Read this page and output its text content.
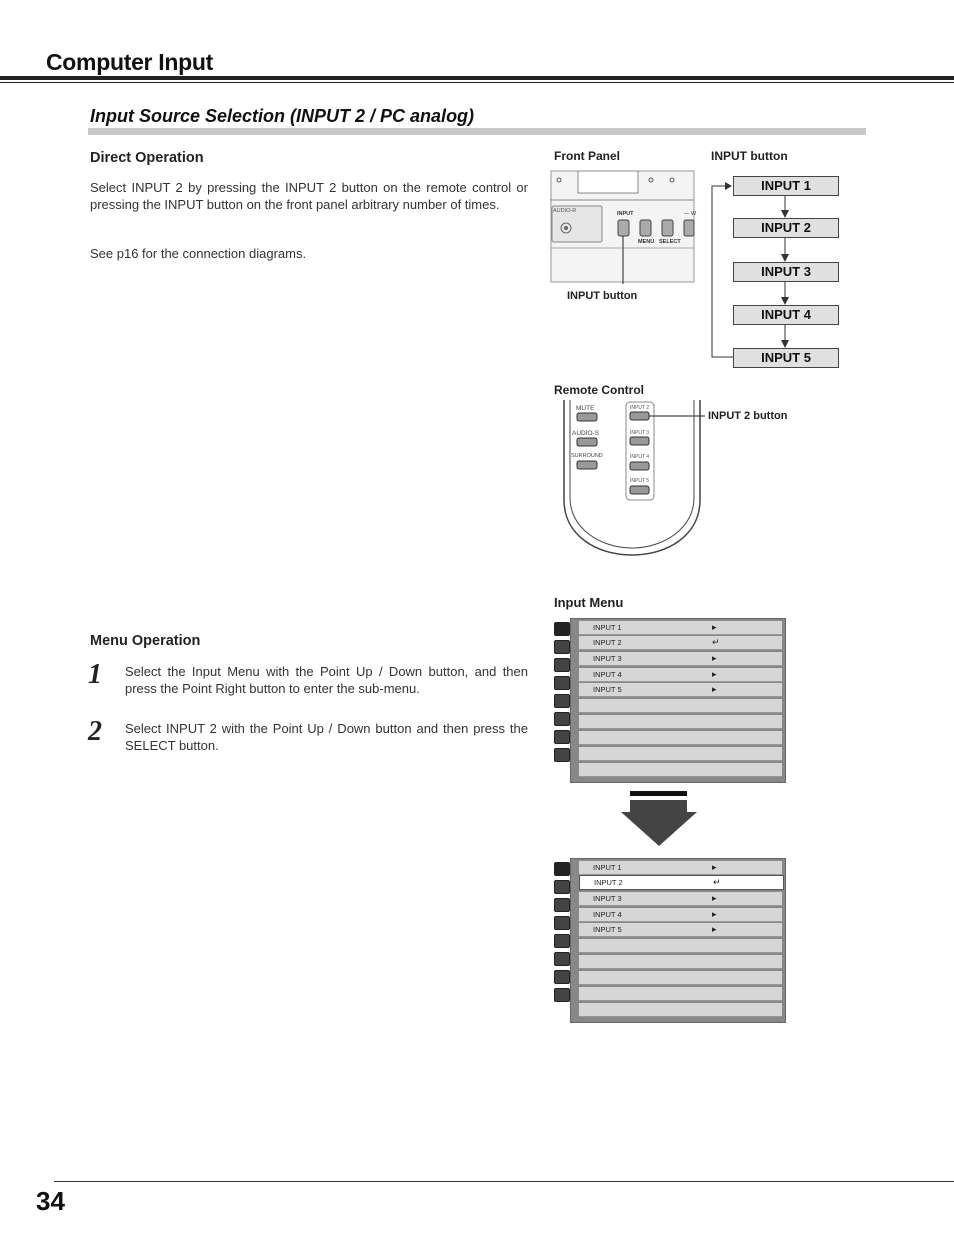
Computer Input
Input Source Selection (INPUT 2 / PC analog)
Direct Operation
Select INPUT 2 by pressing the INPUT 2 button on the remote control or pressing the INPUT button on the front panel arbitrary number of times.
See p16 for the connection diagrams.
Menu Operation
1 Select the Input Menu with the Point Up / Down button, and then press the Point Right button to enter the sub-menu.
2 Select INPUT 2 with the Point Up / Down button and then press the SELECT button.
Front Panel	INPUT button
AUDIO-R	INPUT
MENU SELECT
— W
INPUT button
INPUT 1
INPUT 2
INPUT 3
INPUT 4
INPUT 5
Remote Control
MUTE
AUDIO-S
SURROUND
INPUT 2
INPUT 3
INPUT 4
INPUT 5
INPUT 2 button
Input Menu
INPUT 1	▸
INPUT 2	↵
INPUT 3	▸
INPUT 4	▸
INPUT 5	▸
INPUT 1	▸
INPUT 2	↵
INPUT 3	▸
INPUT 4	▸
INPUT 5	▸
34
